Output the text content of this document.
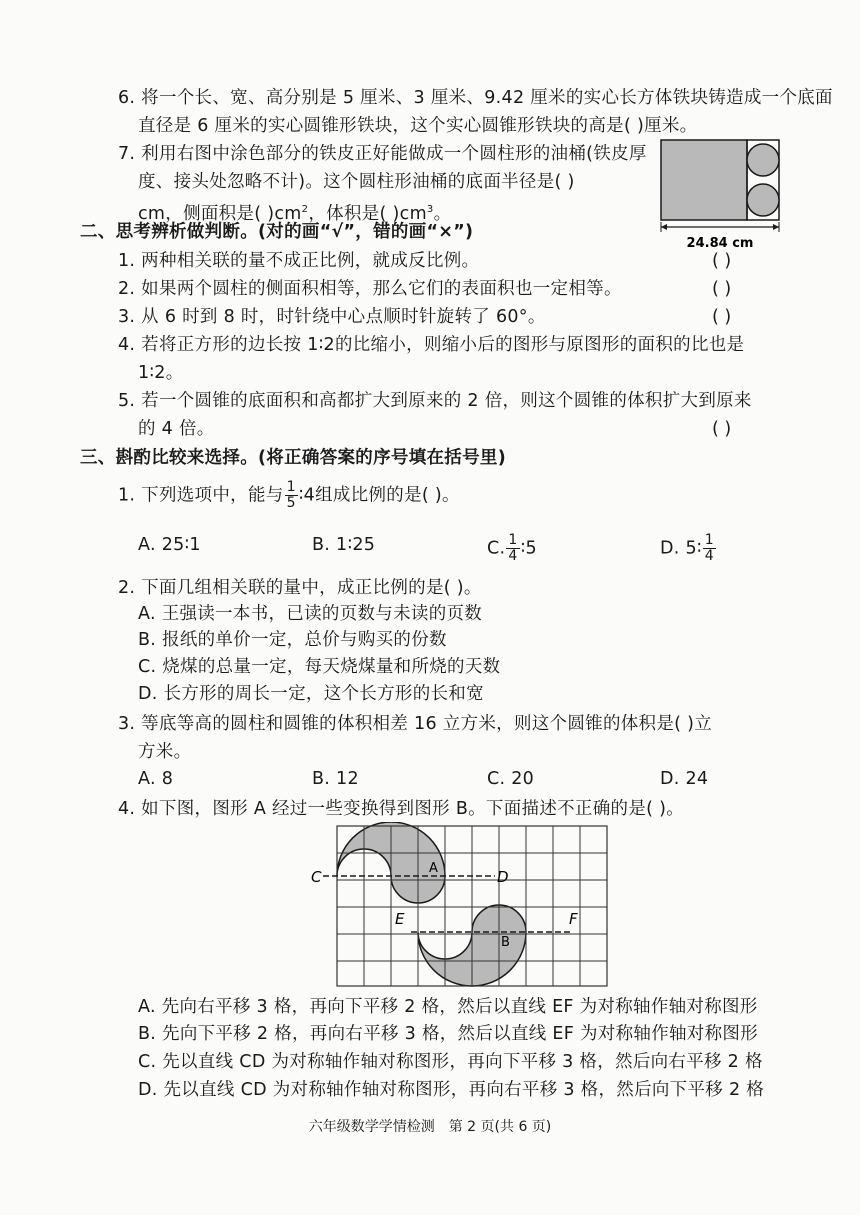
6. 将一个长、宽、高分别是 5 厘米、3 厘米、9.42 厘米的实心长方体铁块铸造成一个底面
直径是 6 厘米的实心圆锥形铁块，这个实心圆锥形铁块的高是( )厘米。
7. 利用右图中涂色部分的铁皮正好能做成一个圆柱形的油桶(铁皮厚
度、接头处忽略不计)。这个圆柱形油桶的底面半径是( )
cm，侧面积是( )$cm^2$，体积是( )$cm^3$。
24.84 cm
二、思考辨析做判断。(对的画“√”，错的画“×”)
1. 两种相关联的量不成正比例，就成反比例。	( )
2. 如果两个圆柱的侧面积相等，那么它们的表面积也一定相等。	( )
3. 从 6 时到 8 时，时针绕中心点顺时针旋转了 60°。	( )
4. 若将正方形的边长按 1∶2的比缩小，则缩小后的图形与原图形的面积的比也是
1∶2。
5. 若一个圆锥的底面积和高都扩大到原来的 2 倍，则这个圆锥的体积扩大到原来
的 4 倍。	( )
三、斟酌比较来选择。(将正确答案的序号填在括号里)
1. 下列选项中，能与 $\frac{1}{5}$ ∶4组成比例的是( )。
A. 25∶1	B. 1∶25	C. $\frac{1}{4}$ ∶5	D. 5∶ $\frac{1}{4}$
2. 下面几组相关联的量中，成正比例的是( )。
A. 王强读一本书，已读的页数与未读的页数
B. 报纸的单价一定，总价与购买的份数
C. 烧煤的总量一定，每天烧煤量和所烧的天数
D. 长方形的周长一定，这个长方形的长和宽
3. 等底等高的圆柱和圆锥的体积相差 16 立方米，则这个圆锥的体积是( )立
方米。
A. 8	B. 12	C. 20	D. 24
4. 如下图，图形 A 经过一些变换得到图形 B。下面描述不正确的是( )。
C	D
E	F
A
B
A. 先向右平移 3 格，再向下平移 2 格，然后以直线 EF 为对称轴作轴对称图形
B. 先向下平移 2 格，再向右平移 3 格，然后以直线 EF 为对称轴作轴对称图形
C. 先以直线 CD 为对称轴作轴对称图形，再向下平移 3 格，然后向右平移 2 格
D. 先以直线 CD 为对称轴作轴对称图形，再向右平移 3 格，然后向下平移 2 格
六年级数学学情检测　第 2 页(共 6 页)
